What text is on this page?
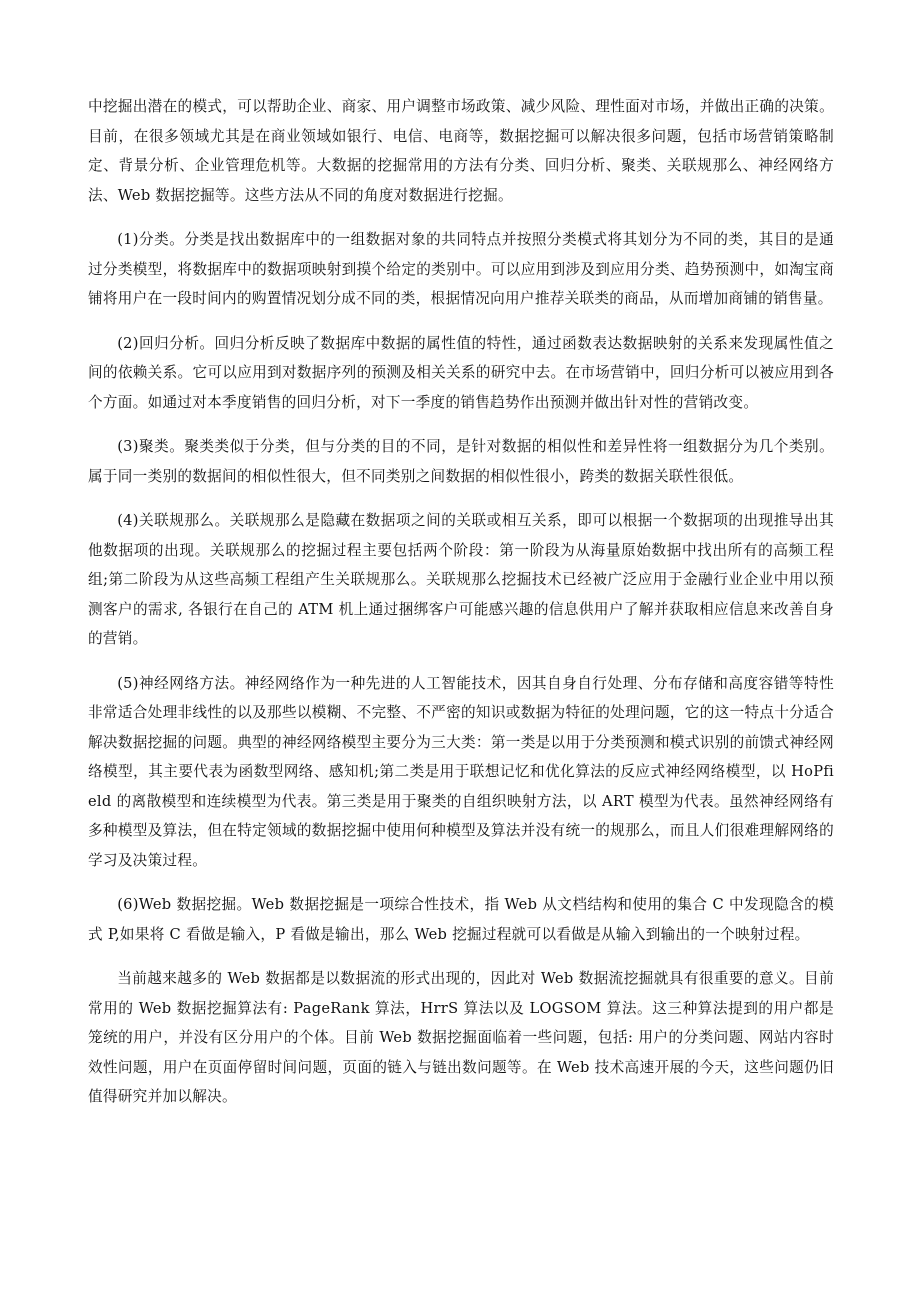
中挖掘出潜在的模式，可以帮助企业、商家、用户调整市场政策、减少风险、理性面对市场，并做出正确的决策。目前，在很多领域尤其是在商业领域如银行、电信、电商等，数据挖掘可以解决很多问题，包括市场营销策略制定、背景分析、企业管理危机等。大数据的挖掘常用的方法有分类、回归分析、聚类、关联规那么、神经网络方法、Web 数据挖掘等。这些方法从不同的角度对数据进行挖掘。

(1)分类。分类是找出数据库中的一组数据对象的共同特点并按照分类模式将其划分为不同的类，其目的是通过分类模型，将数据库中的数据项映射到摸个给定的类别中。可以应用到涉及到应用分类、趋势预测中，如淘宝商铺将用户在一段时间内的购置情况划分成不同的类，根据情况向用户推荐关联类的商品，从而增加商铺的销售量。

(2)回归分析。回归分析反映了数据库中数据的属性值的特性，通过函数表达数据映射的关系来发现属性值之间的依赖关系。它可以应用到对数据序列的预测及相关关系的研究中去。在市场营销中，回归分析可以被应用到各个方面。如通过对本季度销售的回归分析，对下一季度的销售趋势作出预测并做出针对性的营销改变。

(3)聚类。聚类类似于分类，但与分类的目的不同，是针对数据的相似性和差异性将一组数据分为几个类别。属于同一类别的数据间的相似性很大，但不同类别之间数据的相似性很小，跨类的数据关联性很低。

(4)关联规那么。关联规那么是隐藏在数据项之间的关联或相互关系，即可以根据一个数据项的出现推导出其他数据项的出现。关联规那么的挖掘过程主要包括两个阶段：第一阶段为从海量原始数据中找出所有的高频工程组;第二阶段为从这些高频工程组产生关联规那么。关联规那么挖掘技术已经被广泛应用于金融行业企业中用以预测客户的需求, 各银行在自己的 ATM 机上通过捆绑客户可能感兴趣的信息供用户了解并获取相应信息来改善自身的营销。

(5)神经网络方法。神经网络作为一种先进的人工智能技术，因其自身自行处理、分布存储和高度容错等特性非常适合处理非线性的以及那些以模糊、不完整、不严密的知识或数据为特征的处理问题，它的这一特点十分适合解决数据挖掘的问题。典型的神经网络模型主要分为三大类：第一类是以用于分类预测和模式识别的前馈式神经网络模型，其主要代表为函数型网络、感知机;第二类是用于联想记忆和优化算法的反应式神经网络模型，以 HoPfield 的离散模型和连续模型为代表。第三类是用于聚类的自组织映射方法，以 ART 模型为代表。虽然神经网络有多种模型及算法，但在特定领域的数据挖掘中使用何种模型及算法并没有统一的规那么，而且人们很难理解网络的学习及决策过程。

(6)Web 数据挖掘。Web 数据挖掘是一项综合性技术，指 Web 从文档结构和使用的集合 C 中发现隐含的模式 P,如果将 C 看做是输入，P 看做是输出，那么 Web 挖掘过程就可以看做是从输入到输出的一个映射过程。

当前越来越多的 Web 数据都是以数据流的形式出现的，因此对 Web 数据流挖掘就具有很重要的意义。目前常用的 Web 数据挖掘算法有: PageRank 算法，HrrS 算法以及 LOGSOM 算法。这三种算法提到的用户都是笼统的用户，并没有区分用户的个体。目前 Web 数据挖掘面临着一些问题，包括: 用户的分类问题、网站内容时效性问题，用户在页面停留时间问题，页面的链入与链出数问题等。在 Web 技术高速开展的今天，这些问题仍旧值得研究并加以解决。
